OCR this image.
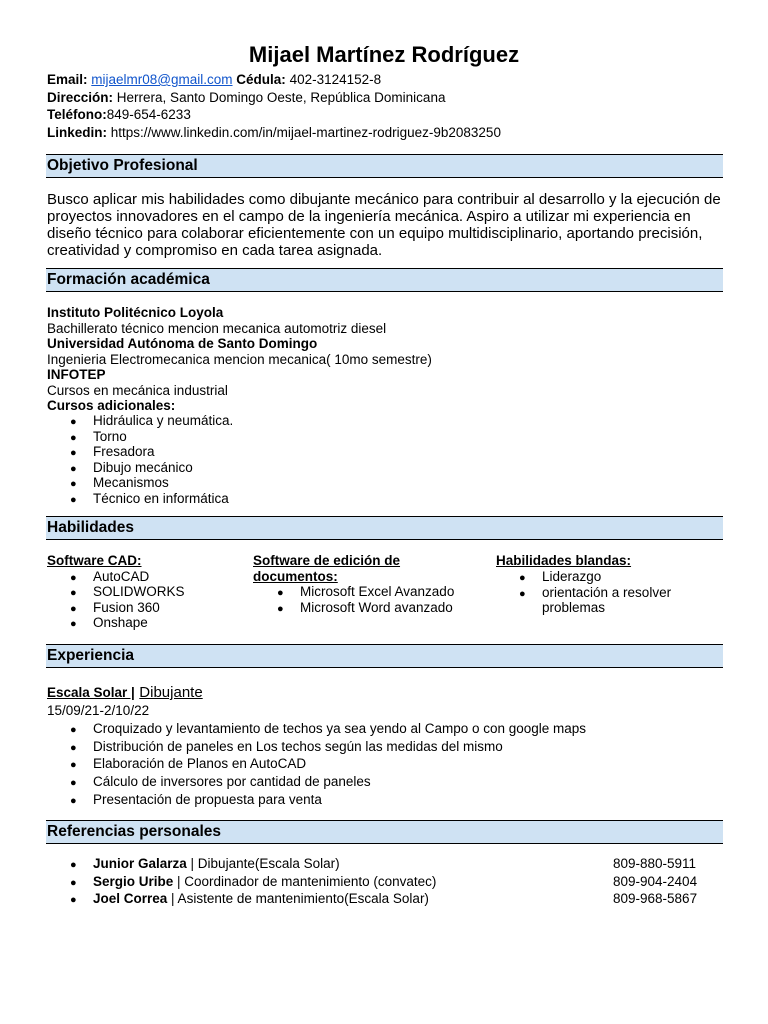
Mijael Martínez Rodríguez
Email: mijaelmr08@gmail.com Cédula: 402-3124152-8
Dirección: Herrera, Santo Domingo Oeste, República Dominicana
Teléfono:849-654-6233
Linkedin: https://www.linkedin.com/in/mijael-martinez-rodriguez-9b2083250
Objetivo Profesional
Busco aplicar mis habilidades como dibujante mecánico para contribuir al desarrollo y la ejecución de proyectos innovadores en el campo de la ingeniería mecánica. Aspiro a utilizar mi experiencia en diseño técnico para colaborar eficientemente con un equipo multidisciplinario, aportando precisión, creatividad y compromiso en cada tarea asignada.
Formación académica
Instituto Politécnico Loyola
Bachillerato técnico mencion mecanica automotriz diesel
Universidad Autónoma de Santo Domingo
Ingenieria Electromecanica mencion mecanica( 10mo semestre)
INFOTEP
Cursos en mecánica industrial
Cursos adicionales:
● Hidráulica y neumática.
● Torno
● Fresadora
● Dibujo mecánico
● Mecanismos
● Técnico en informática
Habilidades
Software CAD:
● AutoCAD
● SOLIDWORKS
● Fusion 360
● Onshape
Software de edición de
documentos:
● Microsoft Excel Avanzado
● Microsoft Word avanzado
Habilidades blandas:
● Liderazgo
● orientación a resolver
problemas
Experiencia
Escala Solar | Dibujante
15/09/21-2/10/22
● Croquizado y levantamiento de techos ya sea yendo al Campo o con google maps
● Distribución de paneles en Los techos según las medidas del mismo
● Elaboración de Planos en AutoCAD
● Cálculo de inversores por cantidad de paneles
● Presentación de propuesta para venta
Referencias personales
● Junior Galarza | Dibujante(Escala Solar)	809-880-5911
● Sergio Uribe | Coordinador de mantenimiento (convatec)	809-904-2404
● Joel Correa | Asistente de mantenimiento(Escala Solar)	809-968-5867
